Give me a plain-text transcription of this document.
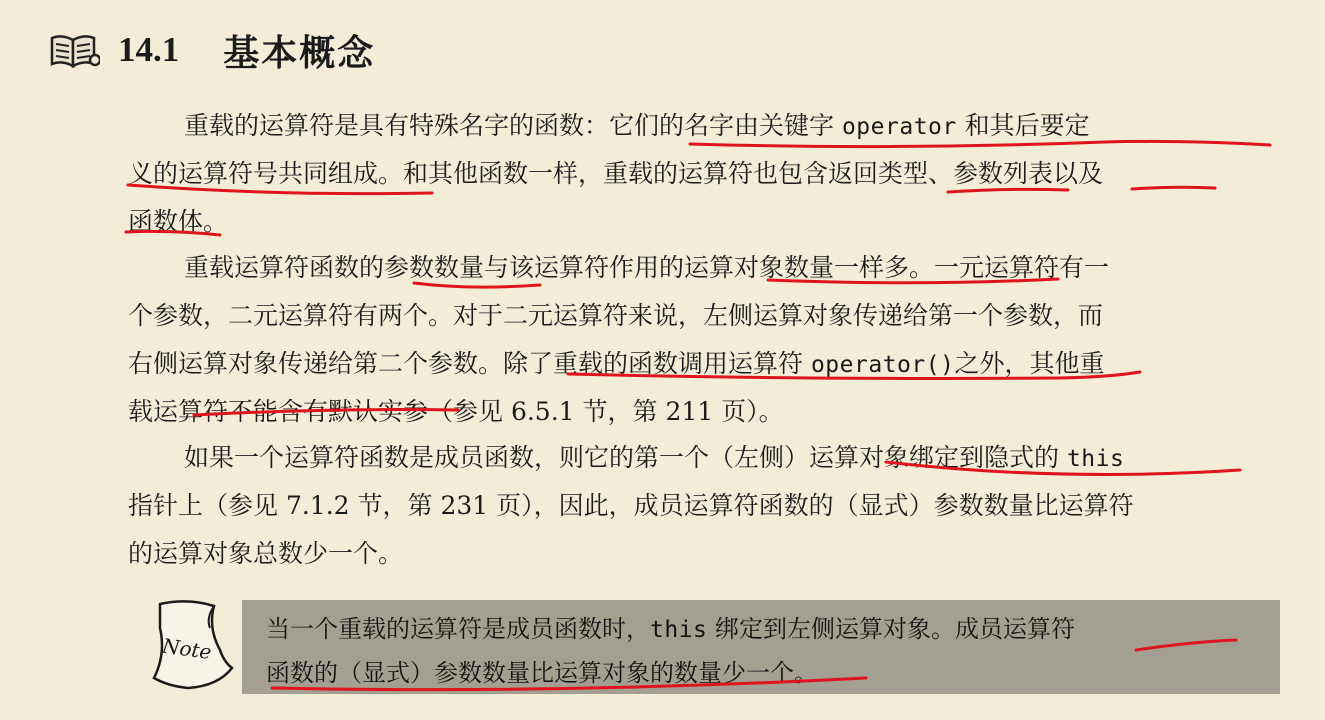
14.1 基本概念
重载的运算符是具有特殊名字的函数：它们的名字由关键字 operator 和其后要定
义的运算符号共同组成。和其他函数一样，重载的运算符也包含返回类型、参数列表以及
函数体。
重载运算符函数的参数数量与该运算符作用的运算对象数量一样多。一元运算符有一
个参数，二元运算符有两个。对于二元运算符来说，左侧运算对象传递给第一个参数，而
右侧运算对象传递给第二个参数。除了重载的函数调用运算符 operator()之外，其他重
载运算符不能含有默认实参（参见 6.5.1 节，第 211 页）。
如果一个运算符函数是成员函数，则它的第一个（左侧）运算对象绑定到隐式的 this
指针上（参见 7.1.2 节，第 231 页），因此，成员运算符函数的（显式）参数数量比运算符
的运算对象总数少一个。
Note
当一个重载的运算符是成员函数时，this 绑定到左侧运算对象。成员运算符
函数的（显式）参数数量比运算对象的数量少一个。
